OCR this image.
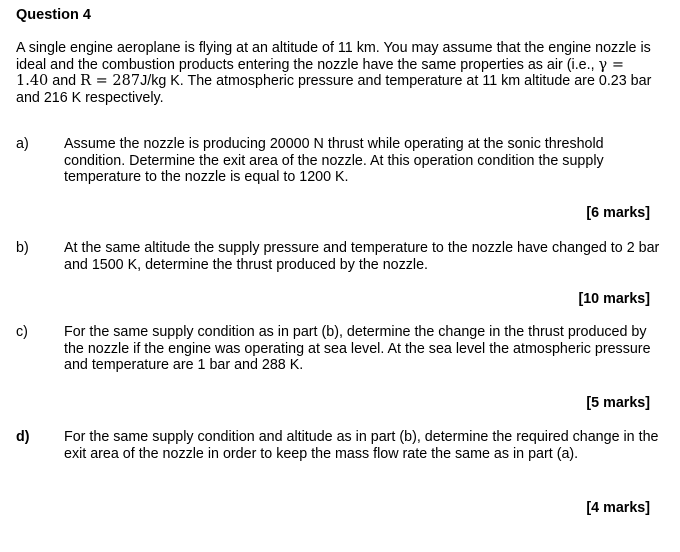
Question 4

A single engine aeroplane is flying at an altitude of 11 km. You may assume that the engine nozzle is ideal and the combustion products entering the nozzle have the same properties as air (i.e., γ = 1.40 and R = 287J/kg K. The atmospheric pressure and temperature at 11 km altitude are 0.23 bar and 216 K respectively.

a) Assume the nozzle is producing 20000 N thrust while operating at the sonic threshold condition. Determine the exit area of the nozzle. At this operation condition the supply temperature to the nozzle is equal to 1200 K.

[6 marks]
b) At the same altitude the supply pressure and temperature to the nozzle have changed to 2 bar and 1500 K, determine the thrust produced by the nozzle.

[10 marks]
c)	For the same supply condition as in part (b), determine the change in the thrust produced by the nozzle if the engine was operating at sea level. At the sea level the atmospheric pressure and temperature are 1 bar and 288 K.

[5 marks]
d) For the same supply condition and altitude as in part (b), determine the required change in the exit area of the nozzle in order to keep the mass flow rate the same as in part (a).

[4 marks]
